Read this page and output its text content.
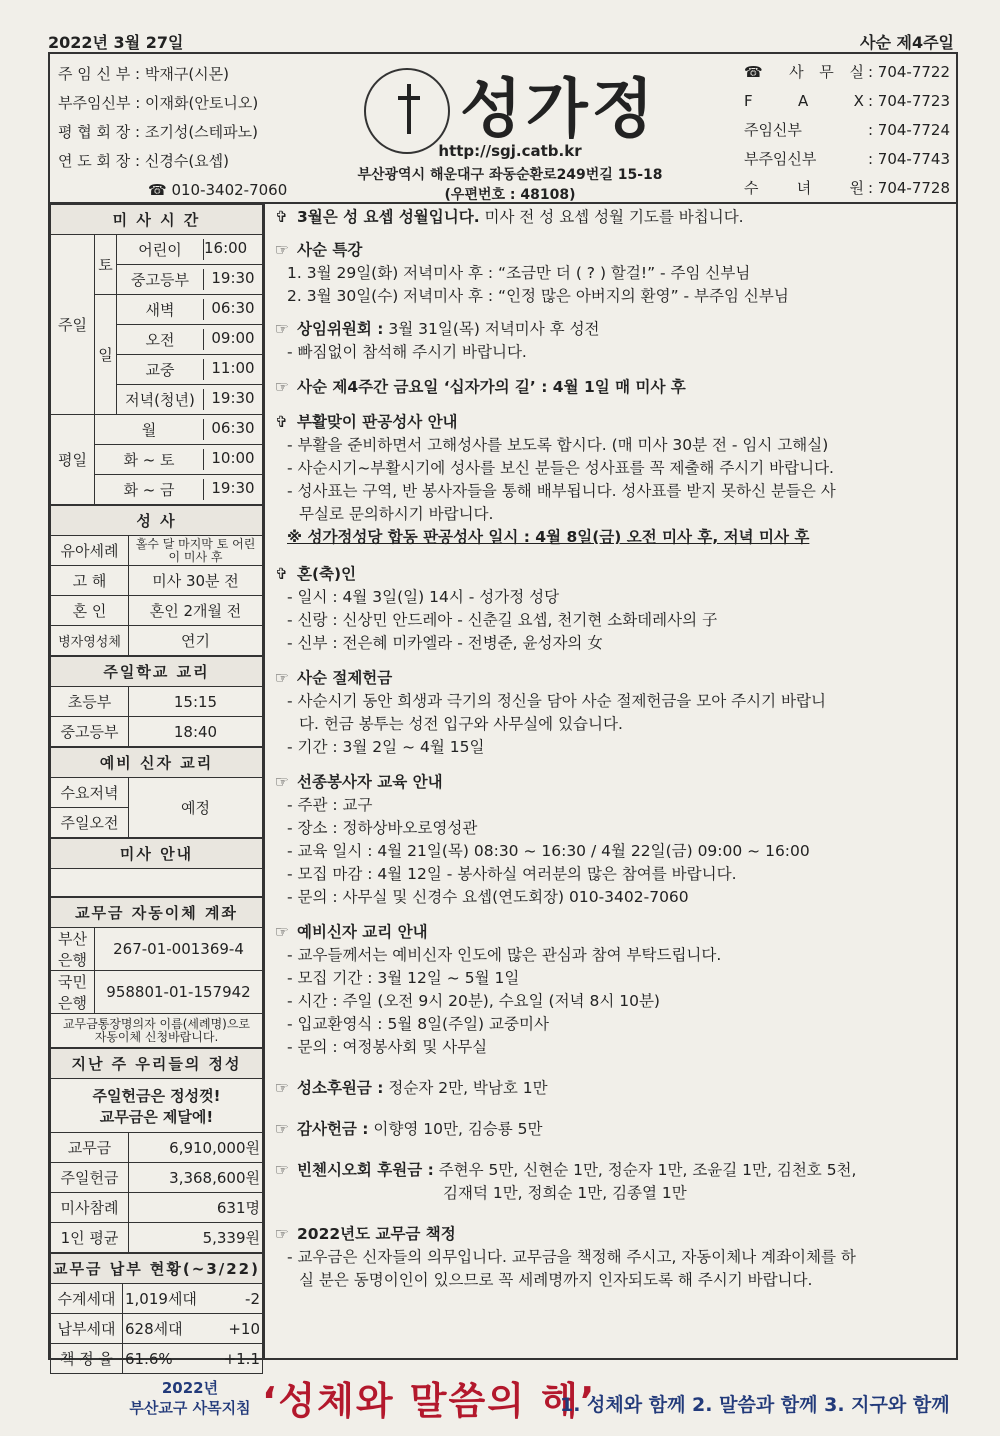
2022년 3월 27일	사순 제4주일
주 임 신 부 : 박재구(시몬)
부주임신부 : 이재화(안토니오)
평 협 회 장 : 조기성(스테파노)
연 도 회 장 : 신경수(요셉)
☎ 010-3402-7060
성가정
http://sgj.catb.kr
부산광역시 해운대구 좌동순환로249번길 15-18
(우편번호 : 48108)
☎ 사 무 실 : 704-7722
F A X : 704-7723
주임신부	: 704-7724
부주임신부	: 704-7743
수 녀 원 : 704-7728
미 사 시 간		
주일	토	어린이 16:00

		중고등부 19:30

	일	새벽 06:30

		오전 09:00

		교중 11:00

		저녁(청년) 19:30

평일	월 06:30	

	화 ~ 토 10:00	

	화 ~ 금 19:30	
성 사	
유아세례	홀수 달 마지막 토 어린이 미사 후
고 해	미사 30분 전
혼 인	혼인 2개월 전
병자영성체	연기
주일학교 교리	
초등부	15:15
중고등부	18:40
예비 신자 교리
수요저녁	예정
주일오전
미사 안내

교무금 자동이체 계좌	
부산은행	267-01-001369-4
국민은행	958801-01-157942

교무금통장명의자 이름(세례명)으로
자동이체 신청바랍니다.	
지난 주 우리들의 정성	

주일헌금은 정성껏!
교무금은 제달에!	

교무금	6,910,000원
주일헌금	3,368,600원
미사참례	631명
1인 평균	5,339원
교무금 납부 현황(~3/22)		
수계세대	1,019세대	-2
납부세대	628세대	+10
책 정 율	61.6%	+1.1
✞ 3월은 성 요셉 성월입니다. 미사 전 성 요셉 성월 기도를 바칩니다.
☞ 사순 특강
1. 3월 29일(화) 저녁미사 후 : “조금만 더 ( ? ) 할걸!” - 주임 신부님
2. 3월 30일(수) 저녁미사 후 : “인정 많은 아버지의 환영” - 부주임 신부님
☞ 상임위원회 : 3월 31일(목) 저녁미사 후 성전
- 빠짐없이 참석해 주시기 바랍니다.
☞ 사순 제4주간 금요일 ‘십자가의 길’ : 4월 1일 매 미사 후
✞ 부활맞이 판공성사 안내
- 부활을 준비하면서 고해성사를 보도록 합시다. (매 미사 30분 전 - 임시 고해실)
- 사순시기~부활시기에 성사를 보신 분들은 성사표를 꼭 제출해 주시기 바랍니다.
- 성사표는 구역, 반 봉사자들을 통해 배부됩니다. 성사표를 받지 못하신 분들은 사
무실로 문의하시기 바랍니다.
※ 성가정성당 합동 판공성사 일시 : 4월 8일(금) 오전 미사 후, 저녁 미사 후
✞ 혼(축)인
- 일시 : 4월 3일(일) 14시 - 성가정 성당
- 신랑 : 신상민 안드레아 - 신춘길 요셉, 천기현 소화데레사의 子
- 신부 : 전은혜 미카엘라 - 전병준, 윤성자의 女
☞ 사순 절제헌금
- 사순시기 동안 희생과 극기의 정신을 담아 사순 절제헌금을 모아 주시기 바랍니
다. 헌금 봉투는 성전 입구와 사무실에 있습니다.
- 기간 : 3월 2일 ~ 4월 15일
☞ 선종봉사자 교육 안내
- 주관 : 교구
- 장소 : 정하상바오로영성관
- 교육 일시 : 4월 21일(목) 08:30 ~ 16:30 / 4월 22일(금) 09:00 ~ 16:00
- 모집 마감 : 4월 12일 - 봉사하실 여러분의 많은 참여를 바랍니다.
- 문의 : 사무실 및 신경수 요셉(연도회장) 010-3402-7060
☞ 예비신자 교리 안내
- 교우들께서는 예비신자 인도에 많은 관심과 참여 부탁드립니다.
- 모집 기간 : 3월 12일 ~ 5월 1일
- 시간 : 주일 (오전 9시 20분), 수요일 (저녁 8시 10분)
- 입교환영식 : 5월 8일(주일) 교중미사
- 문의 : 여정봉사회 및 사무실
☞ 성소후원금 : 정순자 2만, 박남호 1만
☞ 감사헌금 : 이향영 10만, 김승룡 5만
☞ 빈첸시오회 후원금 : 주현우 5만, 신현순 1만, 정순자 1만, 조윤길 1만, 김천호 5천,
김재덕 1만, 정희순 1만, 김종열 1만
☞ 2022년도 교무금 책정
- 교우금은 신자들의 의무입니다. 교무금을 책정해 주시고, 자동이체나 계좌이체를 하
실 분은 동명이인이 있으므로 꼭 세례명까지 인자되도록 해 주시기 바랍니다.
2022년
부산교구 사목지침 ‘성체와 말씀의 해’
1. 성체와 함께 2. 말씀과 함께 3. 지구와 함께
